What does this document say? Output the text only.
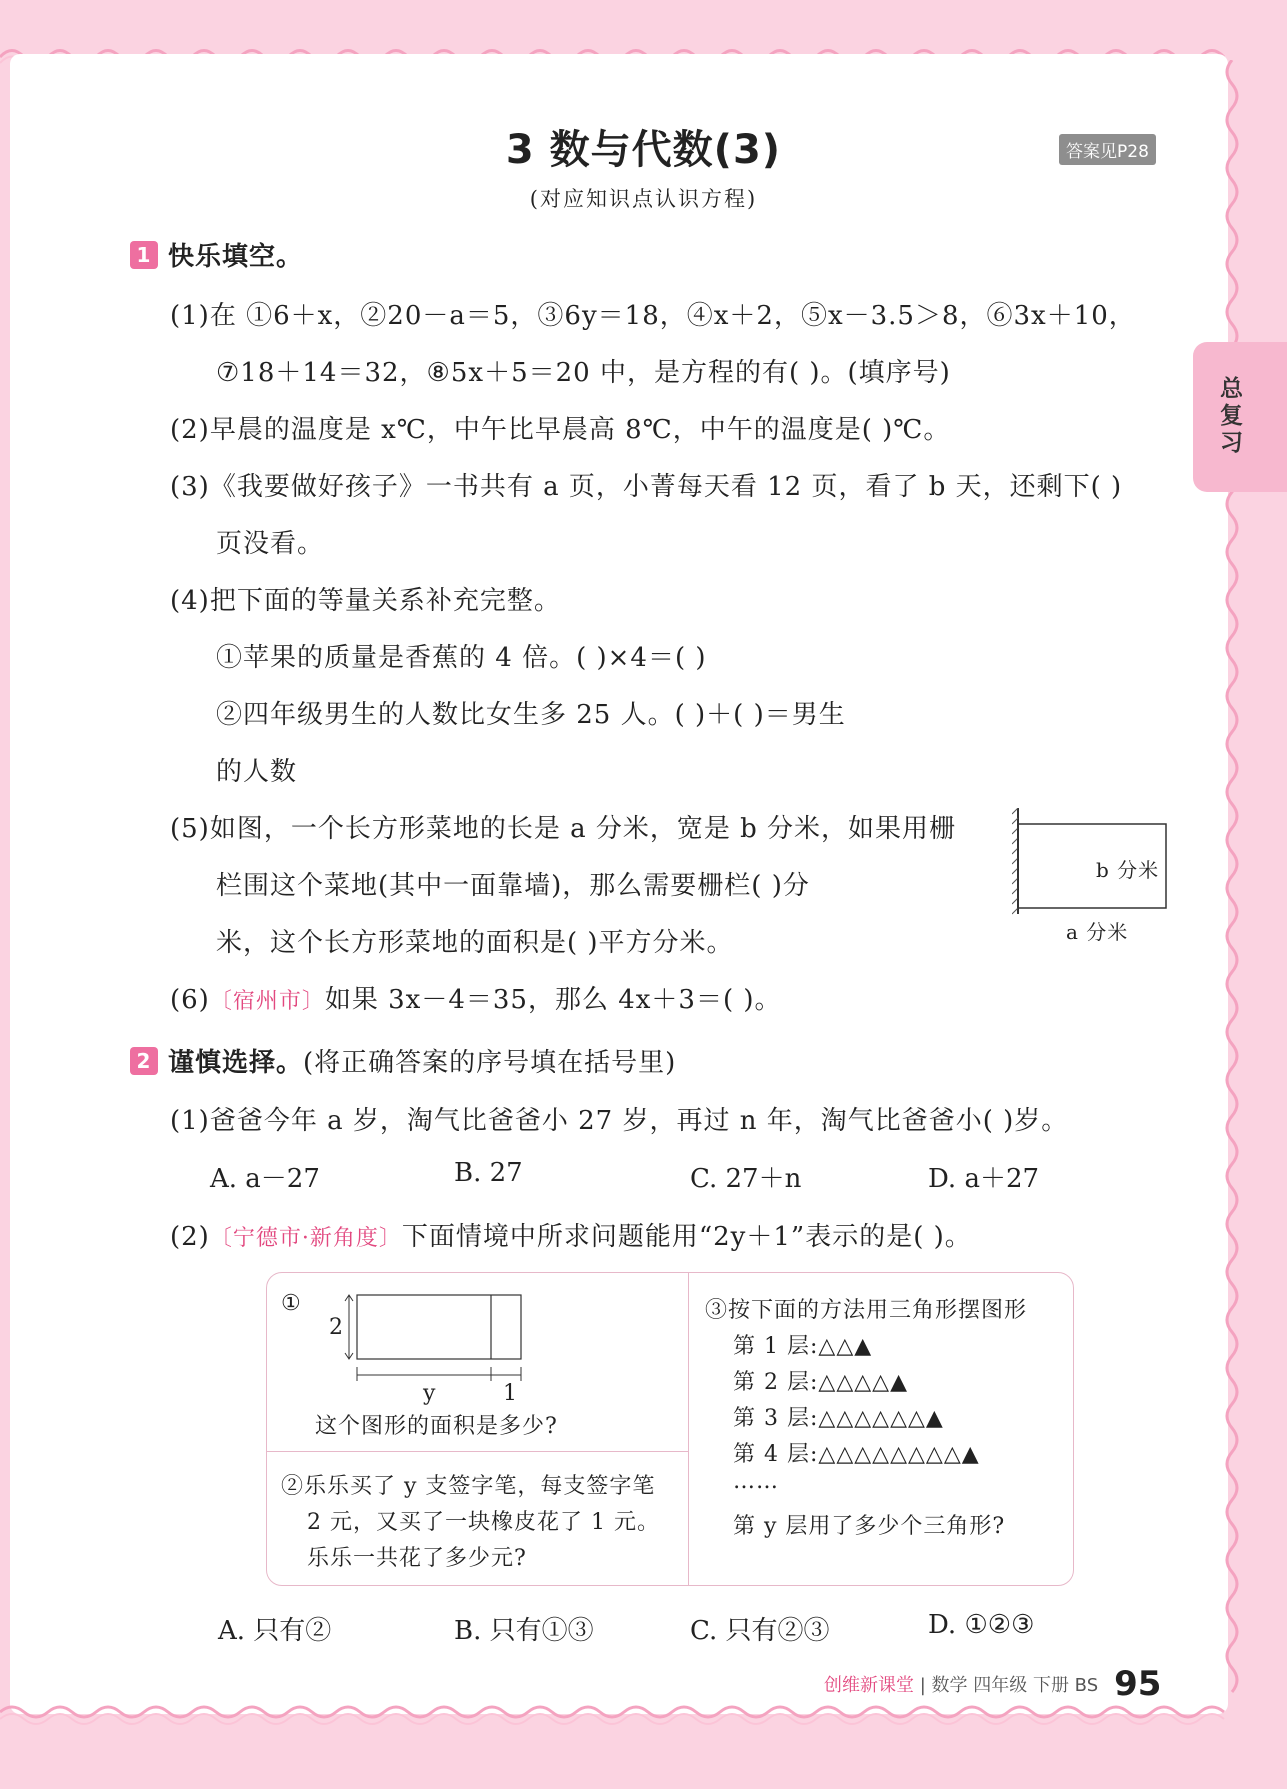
总复习
3 数与代数(3)
(对应知识点认识方程)
答案见P28
1 快乐填空。
(1)在 ①6＋x，②20－a＝5，③6y＝18，④x＋2，⑤x－3.5＞8，⑥3x＋10，
⑦18＋14＝32，⑧5x＋5＝20 中，是方程的有( )。(填序号)
(2)早晨的温度是 x℃，中午比早晨高 8℃，中午的温度是( )℃。
(3)《我要做好孩子》一书共有 a 页，小菁每天看 12 页，看了 b 天，还剩下( )
页没看。
(4)把下面的等量关系补充完整。
①苹果的质量是香蕉的 4 倍。( )×4＝( )
②四年级男生的人数比女生多 25 人。( )＋( )＝男生
的人数
(5)如图，一个长方形菜地的长是 a 分米，宽是 b 分米，如果用栅
栏围这个菜地(其中一面靠墙)，那么需要栅栏( )分
米，这个长方形菜地的面积是( )平方分米。
(6)〔宿州市〕如果 3x－4＝35，那么 4x＋3＝( )。
b 分米
a 分米
2 谨慎选择。(将正确答案的序号填在括号里)
(1)爸爸今年 a 岁，淘气比爸爸小 27 岁，再过 n 年，淘气比爸爸小( )岁。
A. a－27	B. 27	C. 27＋n	D. a＋27
(2)〔宁德市·新角度〕下面情境中所求问题能用“2y＋1”表示的是( )。
①
2
y	1
这个图形的面积是多少?
②乐乐买了 y 支签字笔，每支签字笔
2 元，又买了一块橡皮花了 1 元。
乐乐一共花了多少元?
③按下面的方法用三角形摆图形
第 1 层:△△▲
第 2 层:△△△△▲
第 3 层:△△△△△△▲
第 4 层:△△△△△△△△▲
……
第 y 层用了多少个三角形?
A. 只有②	B. 只有①③	C. 只有②③	D. ①②③
创维新课堂 | 数学 四年级 下册 BS 95
